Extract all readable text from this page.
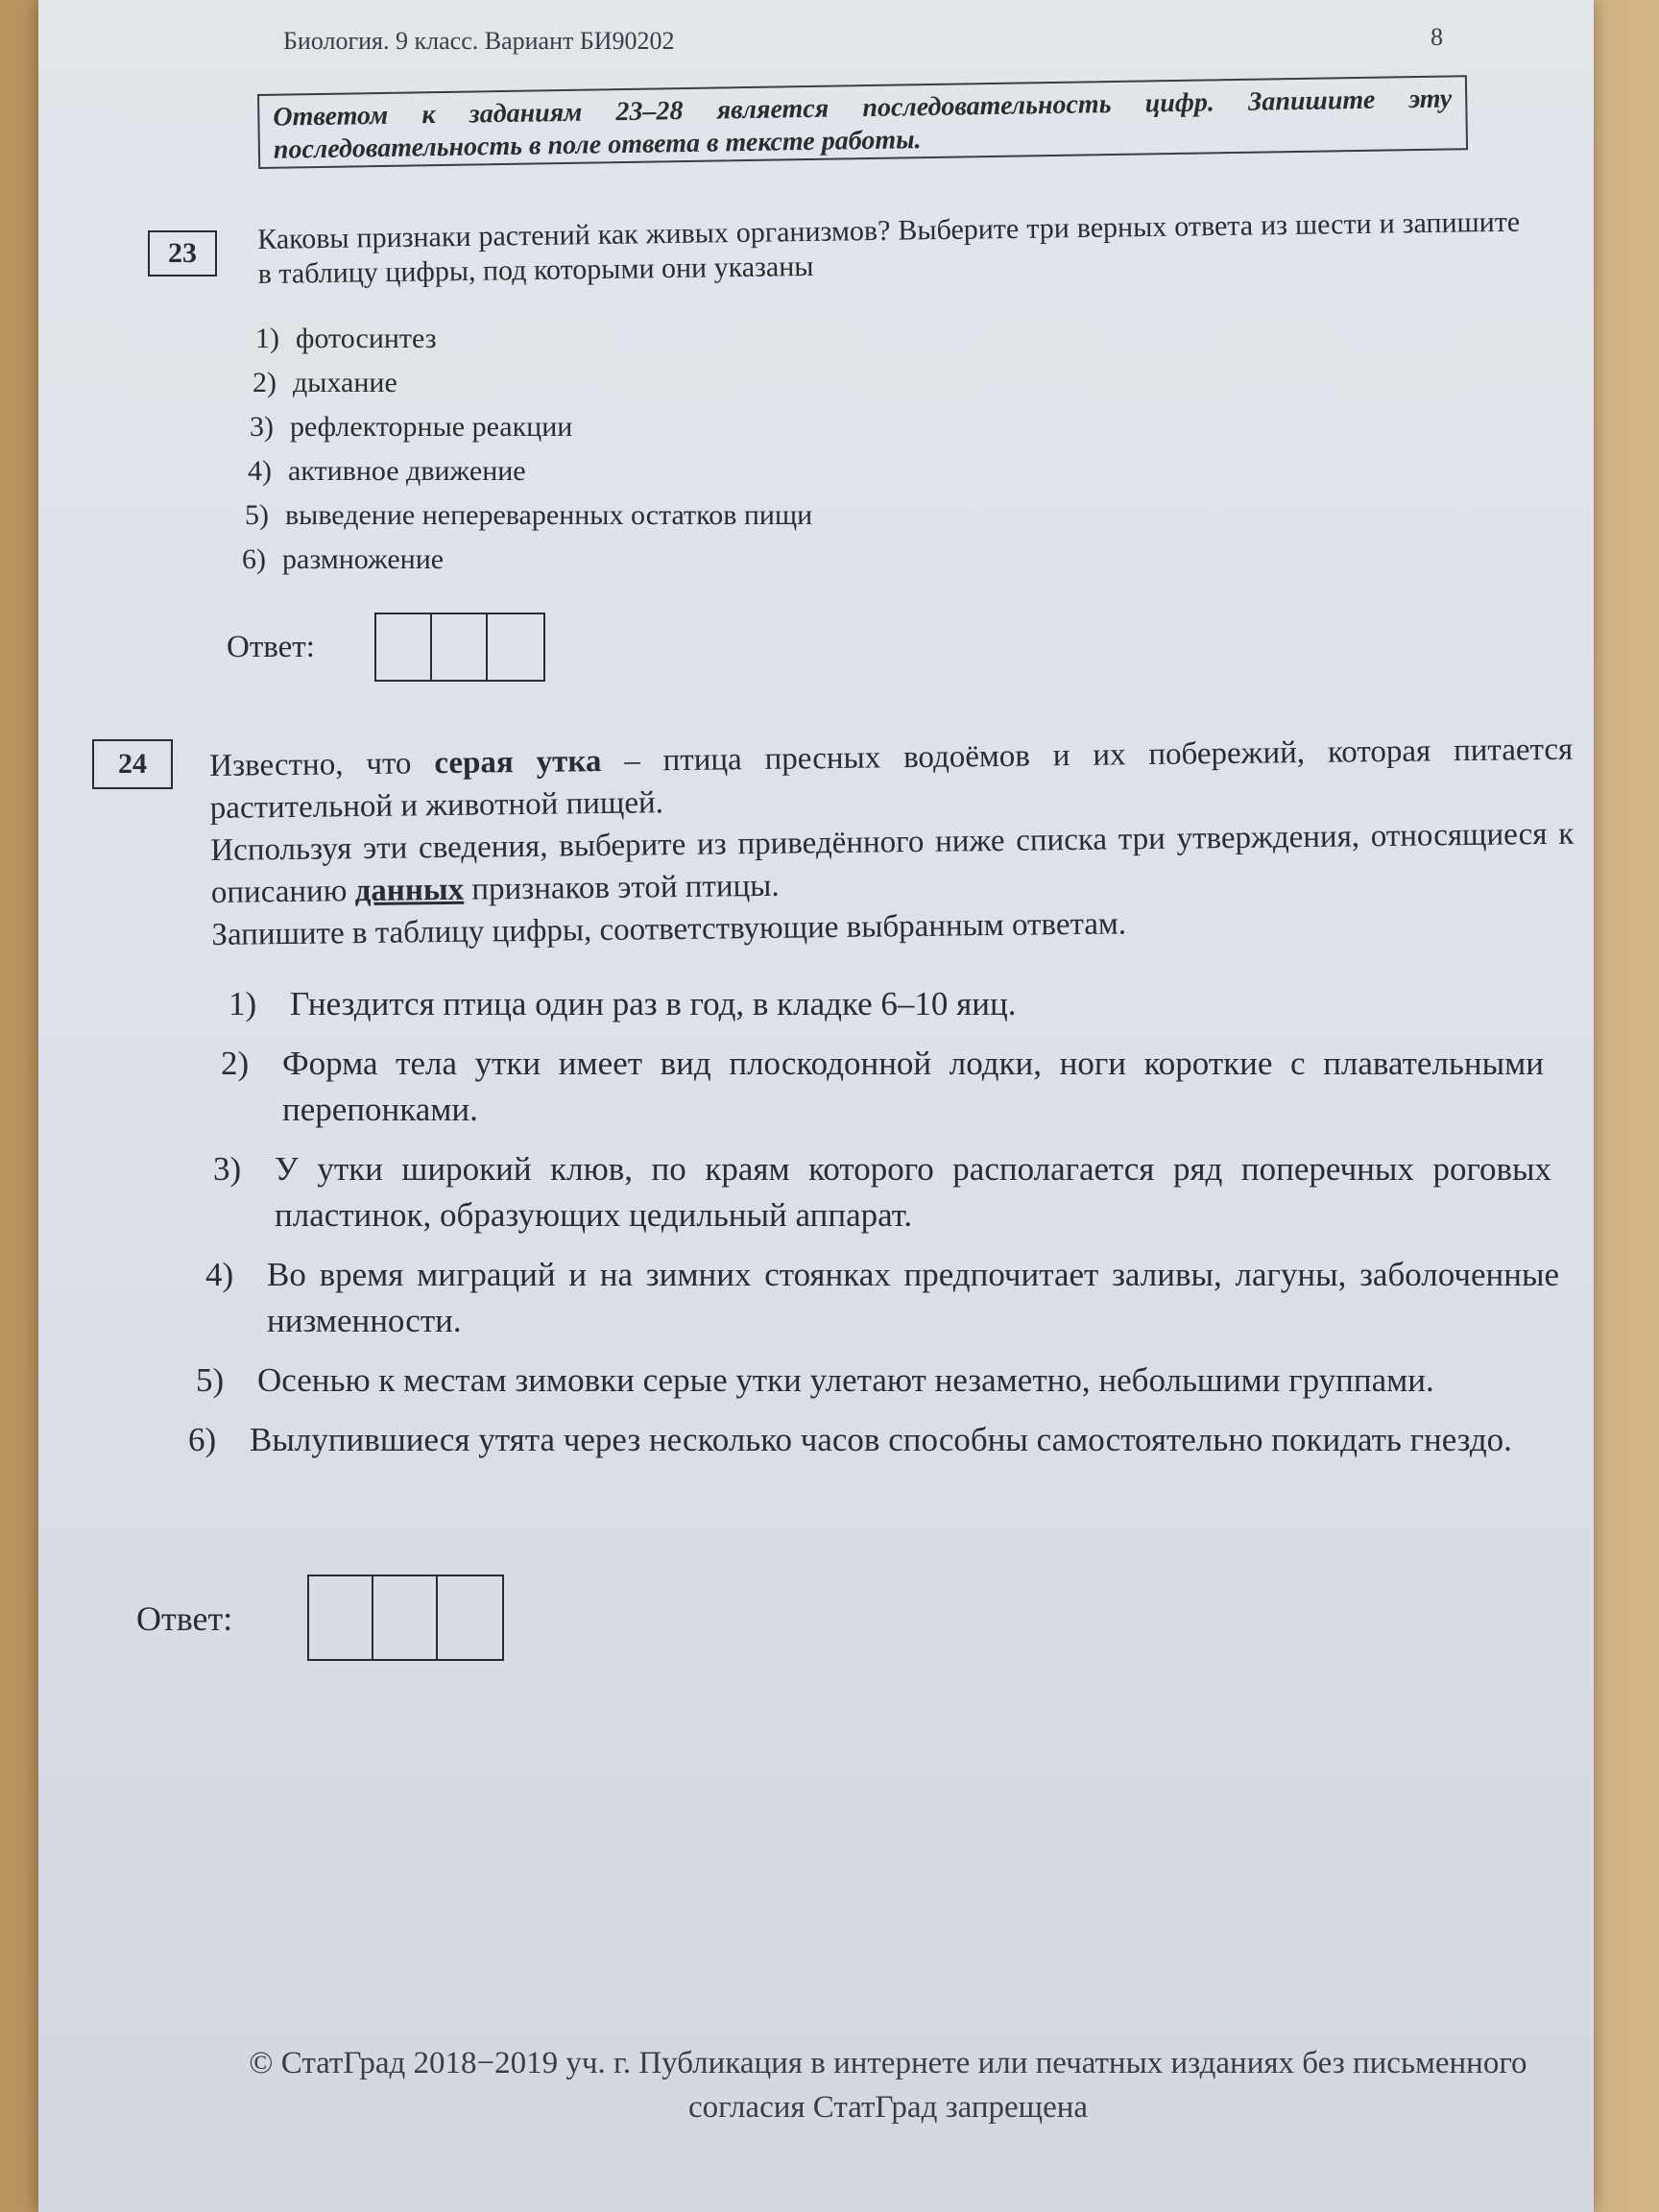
Биология. 9 класс. Вариант БИ90202	8
Ответом к заданиям 23–28 является последовательность цифр. Запишите эту последовательность в поле ответа в тексте работы.
23	Каковы признаки растений как живых организмов? Выберите три верных ответа из шести и запишите в таблицу цифры, под которыми они указаны
1) фотосинтез
2) дыхание
3) рефлекторные реакции
4) активное движение
5) выведение непереваренных остатков пищи
6) размножение
Ответ:
24	Известно, что серая утка – птица пресных водоёмов и их побережий, которая питается растительной и животной пищей.
Используя эти сведения, выберите из приведённого ниже списка три утверждения, относящиеся к описанию данных признаков этой птицы.
Запишите в таблицу цифры, соответствующие выбранным ответам.
1) Гнездится птица один раз в год, в кладке 6–10 яиц.
2) Форма тела утки имеет вид плоскодонной лодки, ноги короткие с плавательными перепонками.
3) У утки широкий клюв, по краям которого располагается ряд поперечных роговых пластинок, образующих цедильный аппарат.
4) Во время миграций и на зимних стоянках предпочитает заливы, лагуны, заболоченные низменности.
5) Осенью к местам зимовки серые утки улетают незаметно, небольшими группами.
6) Вылупившиеся утята через несколько часов способны самостоятельно покидать гнездо.
Ответ:
© СтатГрад 2018−2019 уч. г. Публикация в интернете или печатных изданиях без письменного
согласия СтатГрад запрещена
